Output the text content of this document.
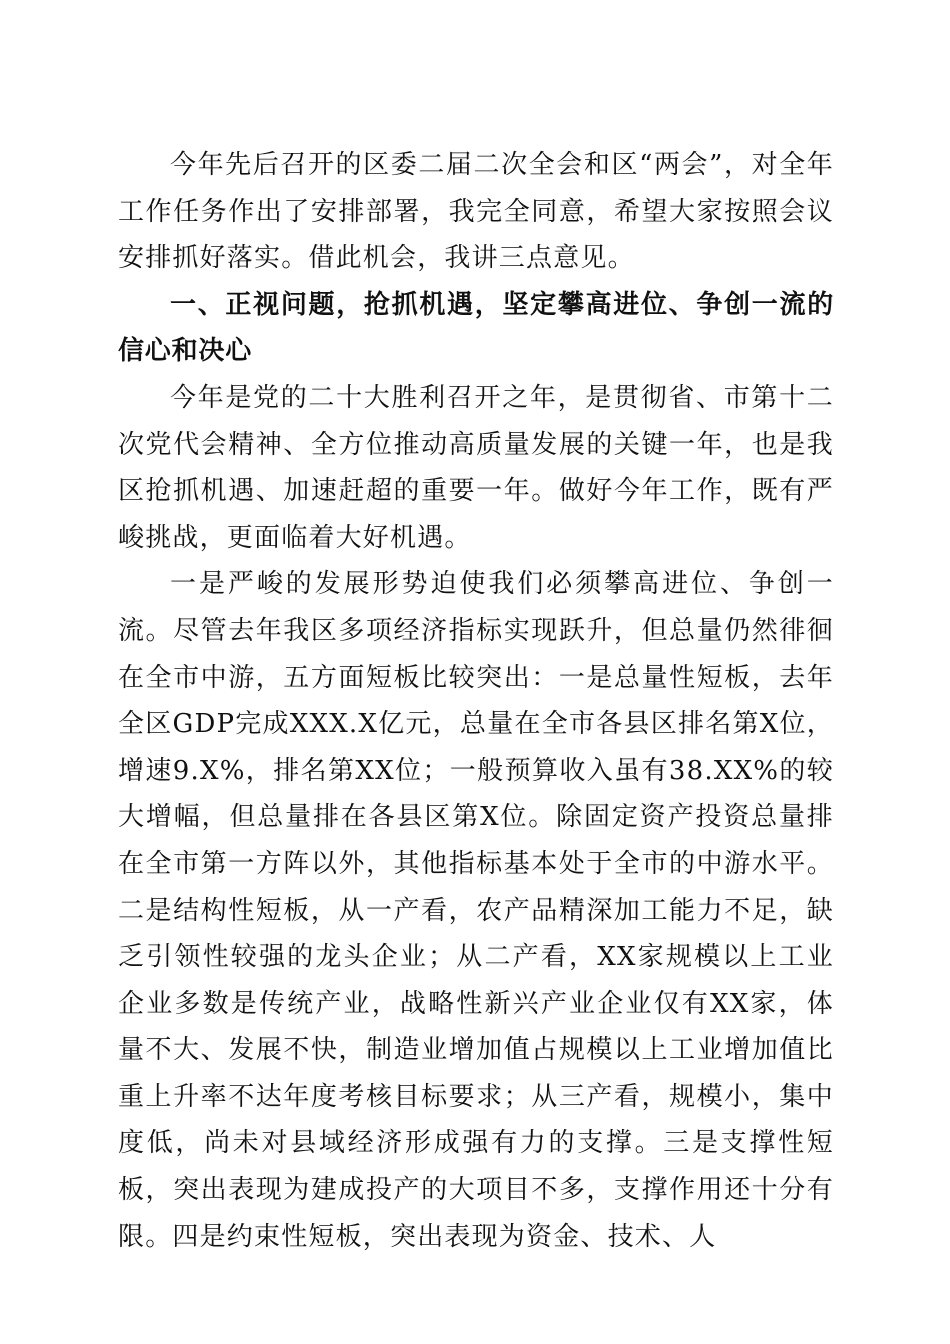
今年先后召开的区委二届二次全会和区“两会”，对全年工作任务作出了安排部署，我完全同意，希望大家按照会议安排抓好落实。借此机会，我讲三点意见。

一、正视问题，抢抓机遇，坚定攀高进位、争创一流的信心和决心

今年是党的二十大胜利召开之年，是贯彻省、市第十二次党代会精神、全方位推动高质量发展的关键一年，也是我区抢抓机遇、加速赶超的重要一年。做好今年工作，既有严峻挑战，更面临着大好机遇。

一是严峻的发展形势迫使我们必须攀高进位、争创一流。尽管去年我区多项经济指标实现跃升，但总量仍然徘徊在全市中游，五方面短板比较突出：一是总量性短板，去年全区GDP完成XXX.X亿元，总量在全市各县区排名第X位，增速9.X%，排名第XX位；一般预算收入虽有38.XX%的较大增幅，但总量排在各县区第X位。除固定资产投资总量排在全市第一方阵以外，其他指标基本处于全市的中游水平。二是结构性短板，从一产看，农产品精深加工能力不足，缺乏引领性较强的龙头企业；从二产看，XX家规模以上工业企业多数是传统产业，战略性新兴产业企业仅有XX家，体量不大、发展不快，制造业增加值占规模以上工业增加值比重上升率不达年度考核目标要求；从三产看，规模小，集中度低，尚未对县域经济形成强有力的支撑。三是支撑性短板，突出表现为建成投产的大项目不多，支撑作用还十分有限。四是约束性短板，突出表现为资金、技术、人
